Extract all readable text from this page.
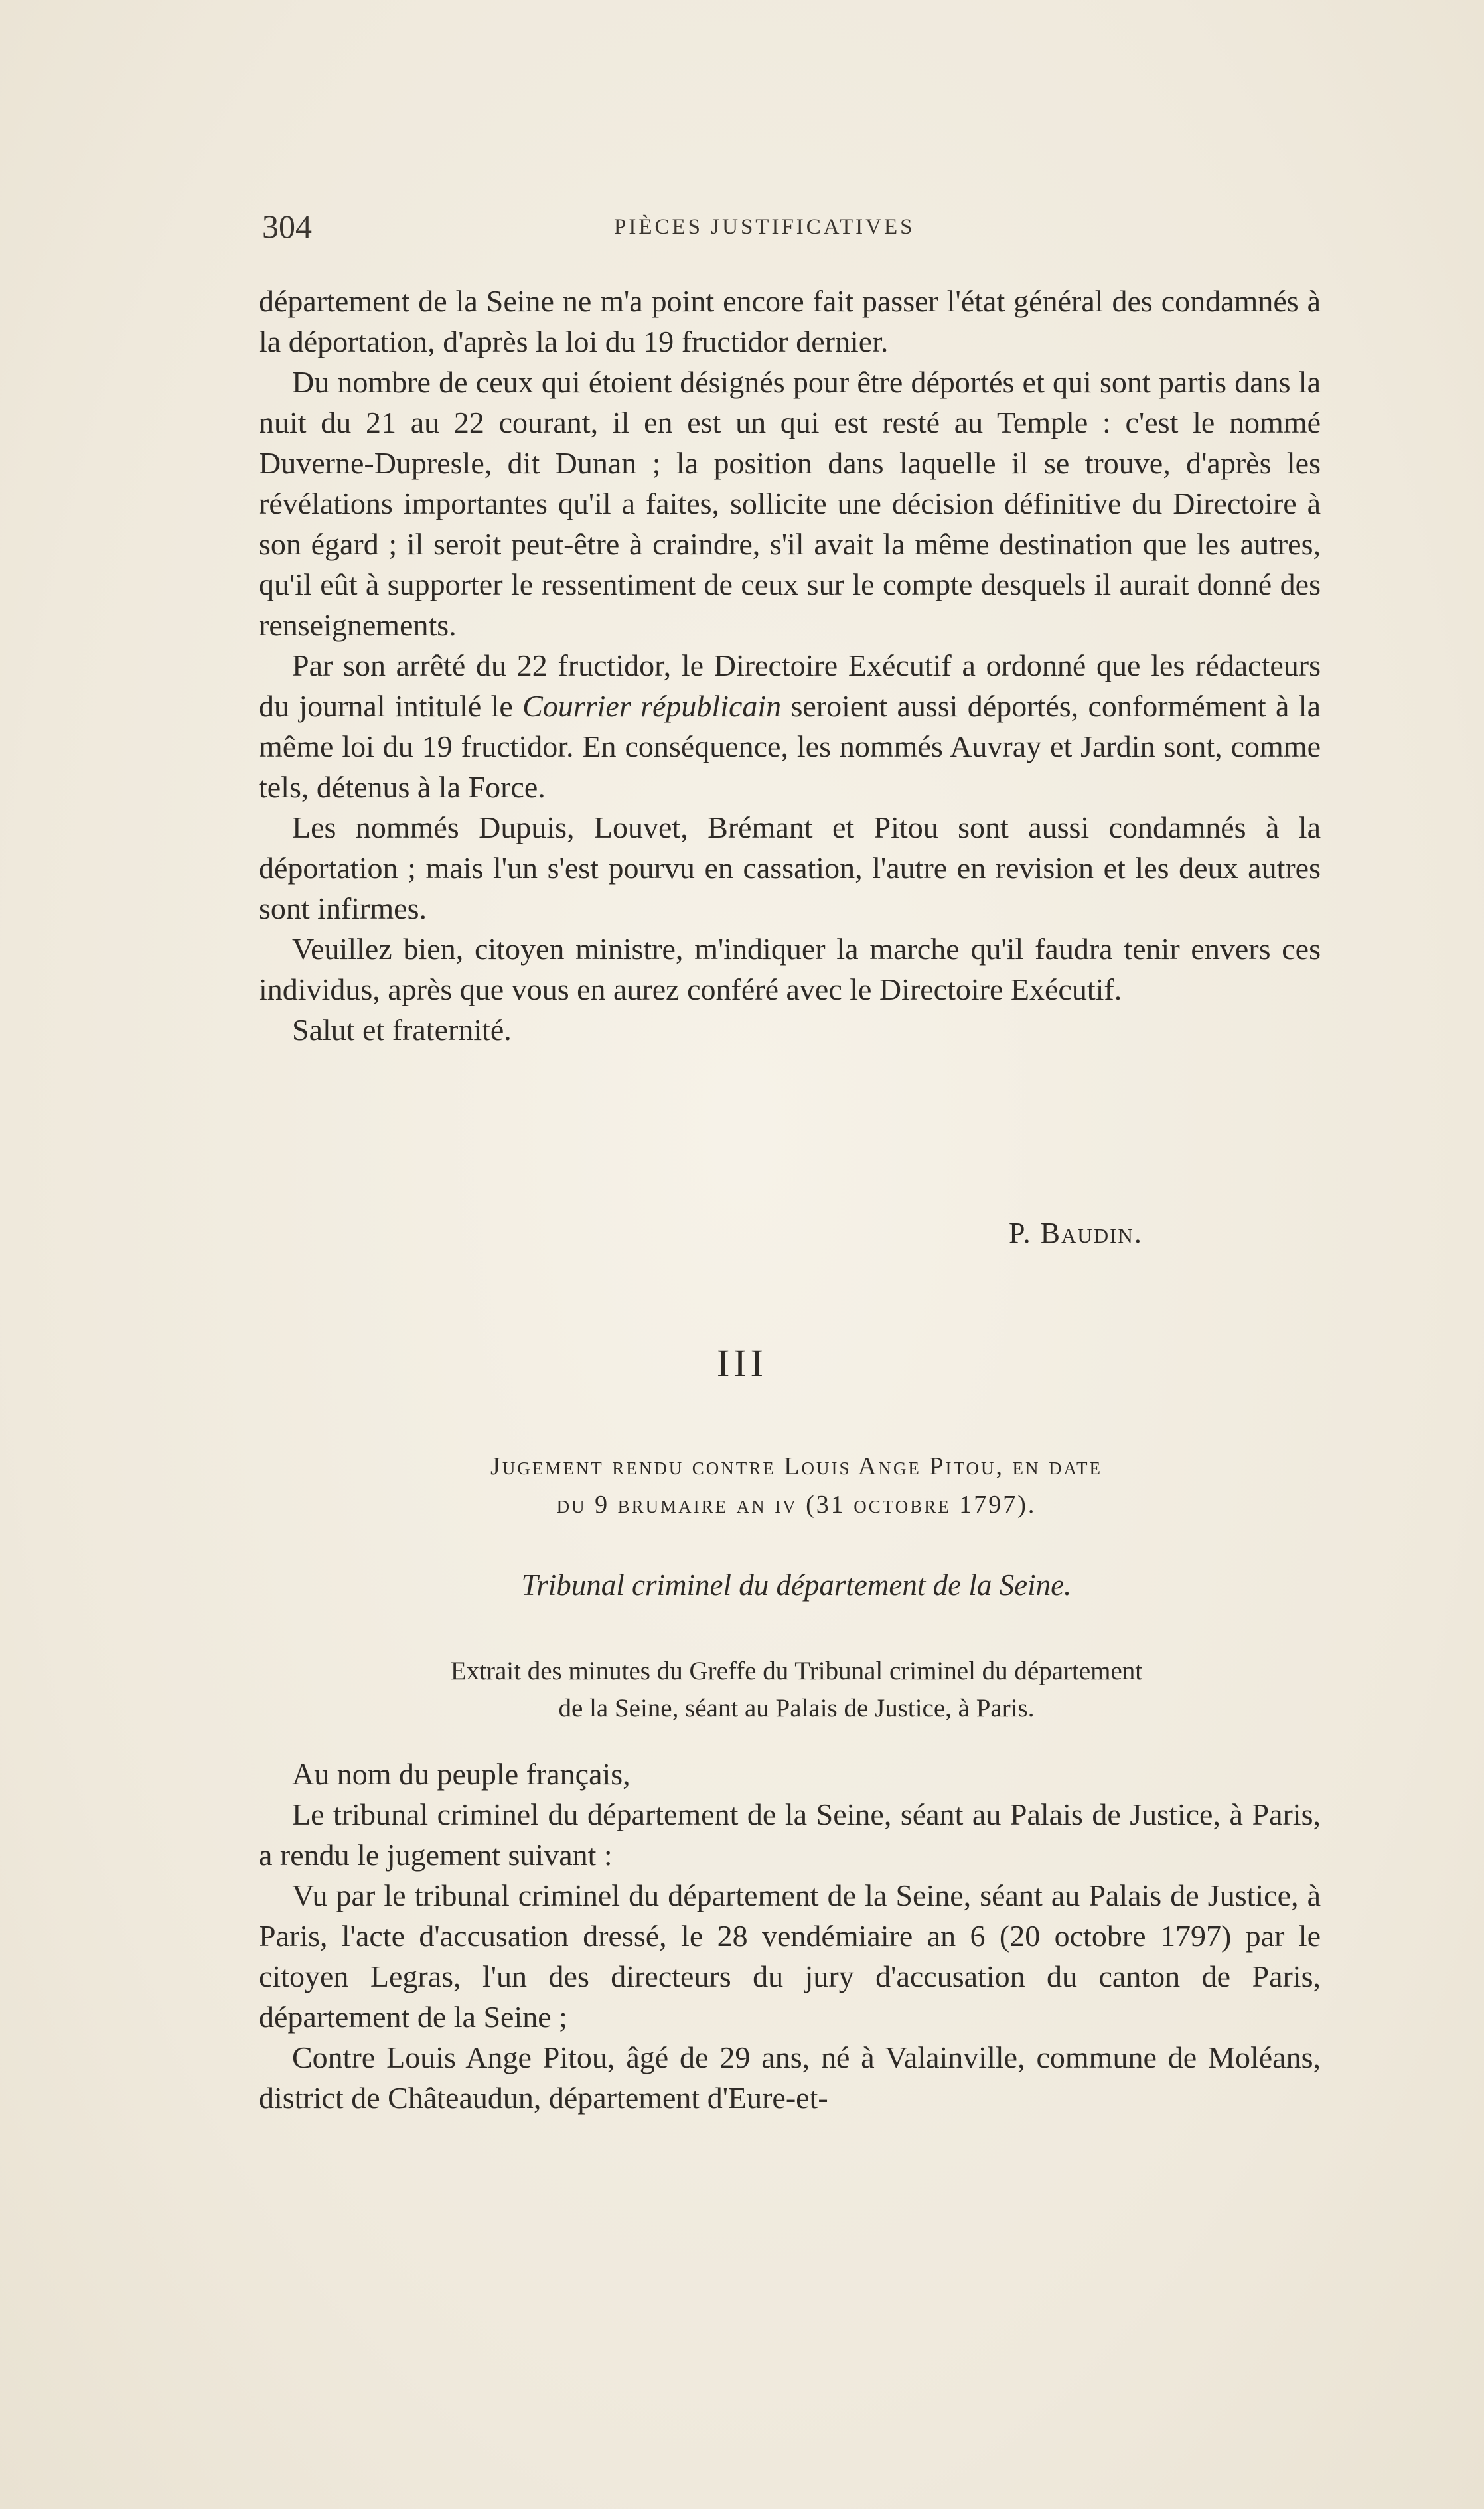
304	PIÈCES JUSTIFICATIVES

département de la Seine ne m'a point encore fait passer l'état général des condamnés à la déportation, d'après la loi du 19 fructidor dernier.

Du nombre de ceux qui étoient désignés pour être déportés et qui sont partis dans la nuit du 21 au 22 courant, il en est un qui est resté au Temple : c'est le nommé Duverne-Dupresle, dit Dunan ; la position dans laquelle il se trouve, d'après les révélations importantes qu'il a faites, sollicite une décision définitive du Directoire à son égard ; il seroit peut-être à craindre, s'il avait la même destination que les autres, qu'il eût à supporter le ressentiment de ceux sur le compte desquels il aurait donné des renseignements.

Par son arrêté du 22 fructidor, le Directoire Exécutif a ordonné que les rédacteurs du journal intitulé le Courrier républicain seroient aussi déportés, conformément à la même loi du 19 fructidor. En conséquence, les nommés Auvray et Jardin sont, comme tels, détenus à la Force.

Les nommés Dupuis, Louvet, Brémant et Pitou sont aussi condamnés à la déportation ; mais l'un s'est pourvu en cassation, l'autre en revision et les deux autres sont infirmes.

Veuillez bien, citoyen ministre, m'indiquer la marche qu'il faudra tenir envers ces individus, après que vous en aurez conféré avec le Directoire Exécutif.

Salut et fraternité.

P. Baudin.
III
Jugement rendu contre Louis Ange Pitou, en date
du 9 brumaire an iv (31 octobre 1797).
Tribunal criminel du département de la Seine.
Extrait des minutes du Greffe du Tribunal criminel du département
de la Seine, séant au Palais de Justice, à Paris.

Au nom du peuple français,

Le tribunal criminel du département de la Seine, séant au Palais de Justice, à Paris, a rendu le jugement suivant :

Vu par le tribunal criminel du département de la Seine, séant au Palais de Justice, à Paris, l'acte d'accusation dressé, le 28 vendémiaire an 6 (20 octobre 1797) par le citoyen Legras, l'un des directeurs du jury d'accusation du canton de Paris, département de la Seine ;

Contre Louis Ange Pitou, âgé de 29 ans, né à Valainville, commune de Moléans, district de Châteaudun, département d'Eure-et-
